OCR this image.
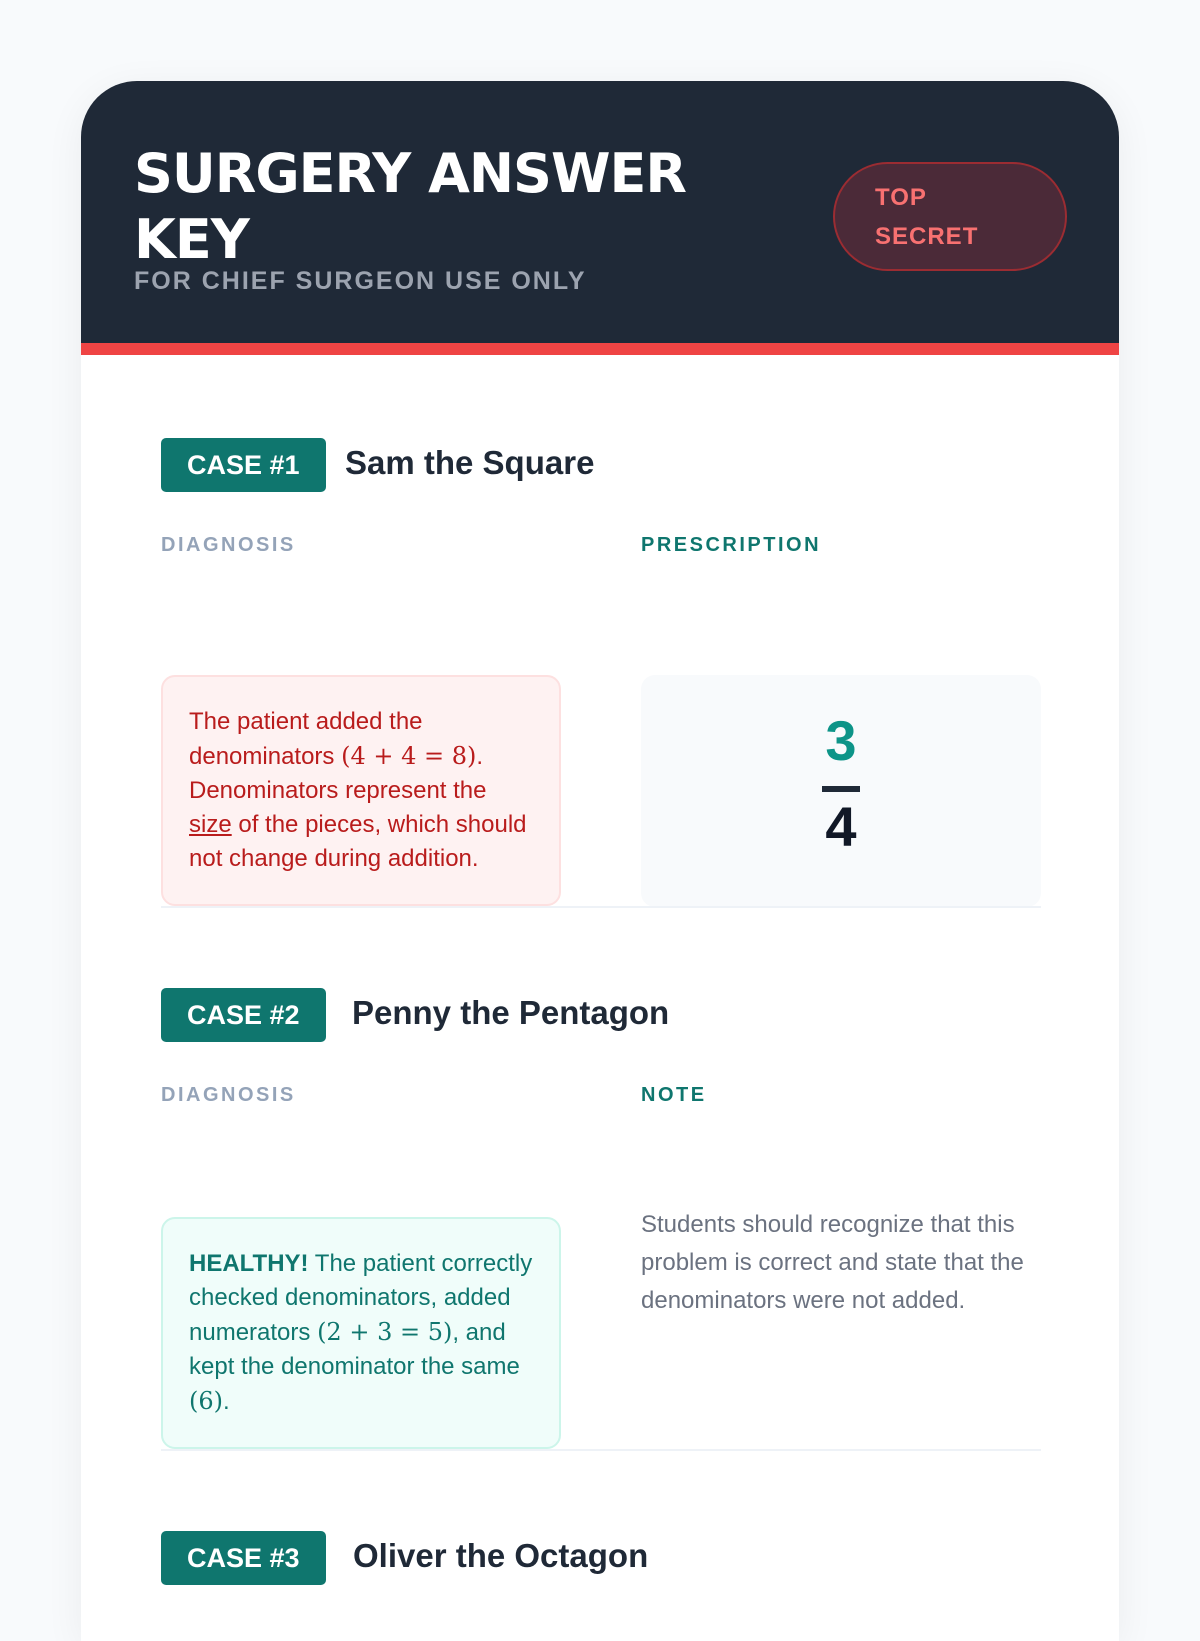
SURGERY ANSWER KEY
FOR CHIEF SURGEON USE ONLY
TOP
SECRET
CASE #1	Sam the Square
DIAGNOSIS	PRESCRIPTION
The patient added the denominators (4 + 4 = 8). Denominators represent the size of the pieces, which should not change during addition.
3
4
CASE #2	Penny the Pentagon
DIAGNOSIS	NOTE
HEALTHY! The patient correctly checked denominators, added numerators (2 + 3 = 5), and kept the denominator the same (6).
Students should recognize that this problem is correct and state that the denominators were not added.
CASE #3	Oliver the Octagon
